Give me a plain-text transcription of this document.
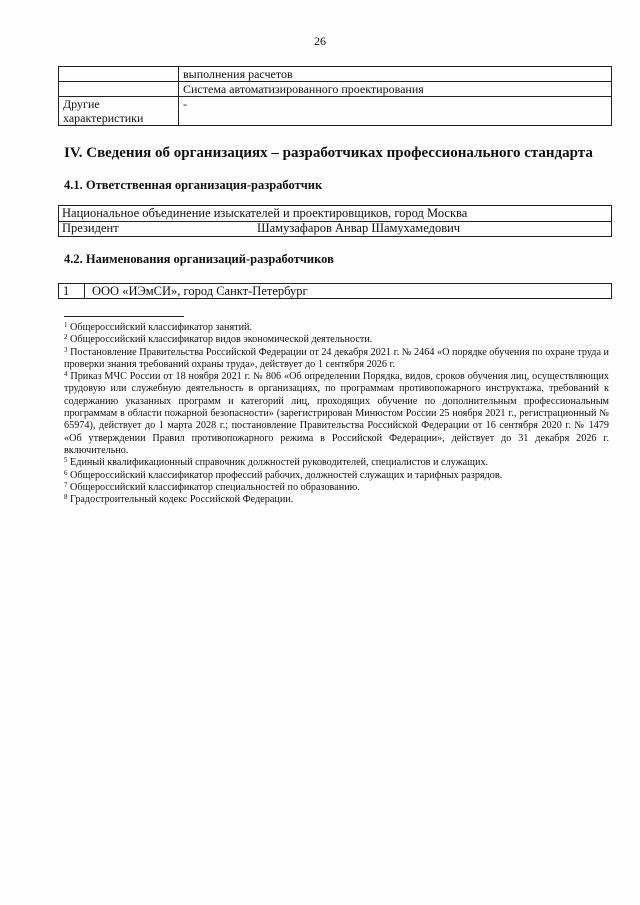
26
	выполнения расчетов
	Система автоматизированного проектирования
Другие характеристики	-
IV. Сведения об организациях – разработчиках профессионального стандарта
4.1. Ответственная организация-разработчик
Национальное объединение изыскателей и проектировщиков, город Москва
Президент	Шамузафаров Анвар Шамухамедович
4.2. Наименования организаций-разработчиков
1 ООО «ИЭмСИ», город Санкт-Петербург

$^1$ Общероссийский классификатор занятий.

$^2$ Общероссийский классификатор видов экономической деятельности.

$^3$ Постановление Правительства Российской Федерации от 24 декабря 2021 г. № 2464 «О порядке обучения по охране труда и проверки знания требований охраны труда», действует до 1 сентября 2026 г.

$^4$ Приказ МЧС России от 18 ноября 2021 г. № 806 «Об определении Порядка, видов, сроков обучения лиц, осуществляющих трудовую или служебную деятельность в организациях, по программам противопожарного инструктажа, требований к содержанию указанных программ и категорий лиц, проходящих обучение по дополнительным профессиональным программам в области пожарной безопасности» (зарегистрирован Минюстом России 25 ноября 2021 г., регистрационный № 65974), действует до 1 марта 2028 г.; постановление Правительства Российской Федерации от 16 сентября 2020 г. № 1479 «Об утверждении Правил противопожарного режима в Российской Федерации», действует до 31 декабря 2026 г. включительно.

$^5$ Единый квалификационный справочник должностей руководителей, специалистов и служащих.

$^6$ Общероссийский классификатор профессий рабочих, должностей служащих и тарифных разрядов.

$^7$ Общероссийский классификатор специальностей по образованию.

$^8$ Градостроительный кодекс Российской Федерации.
